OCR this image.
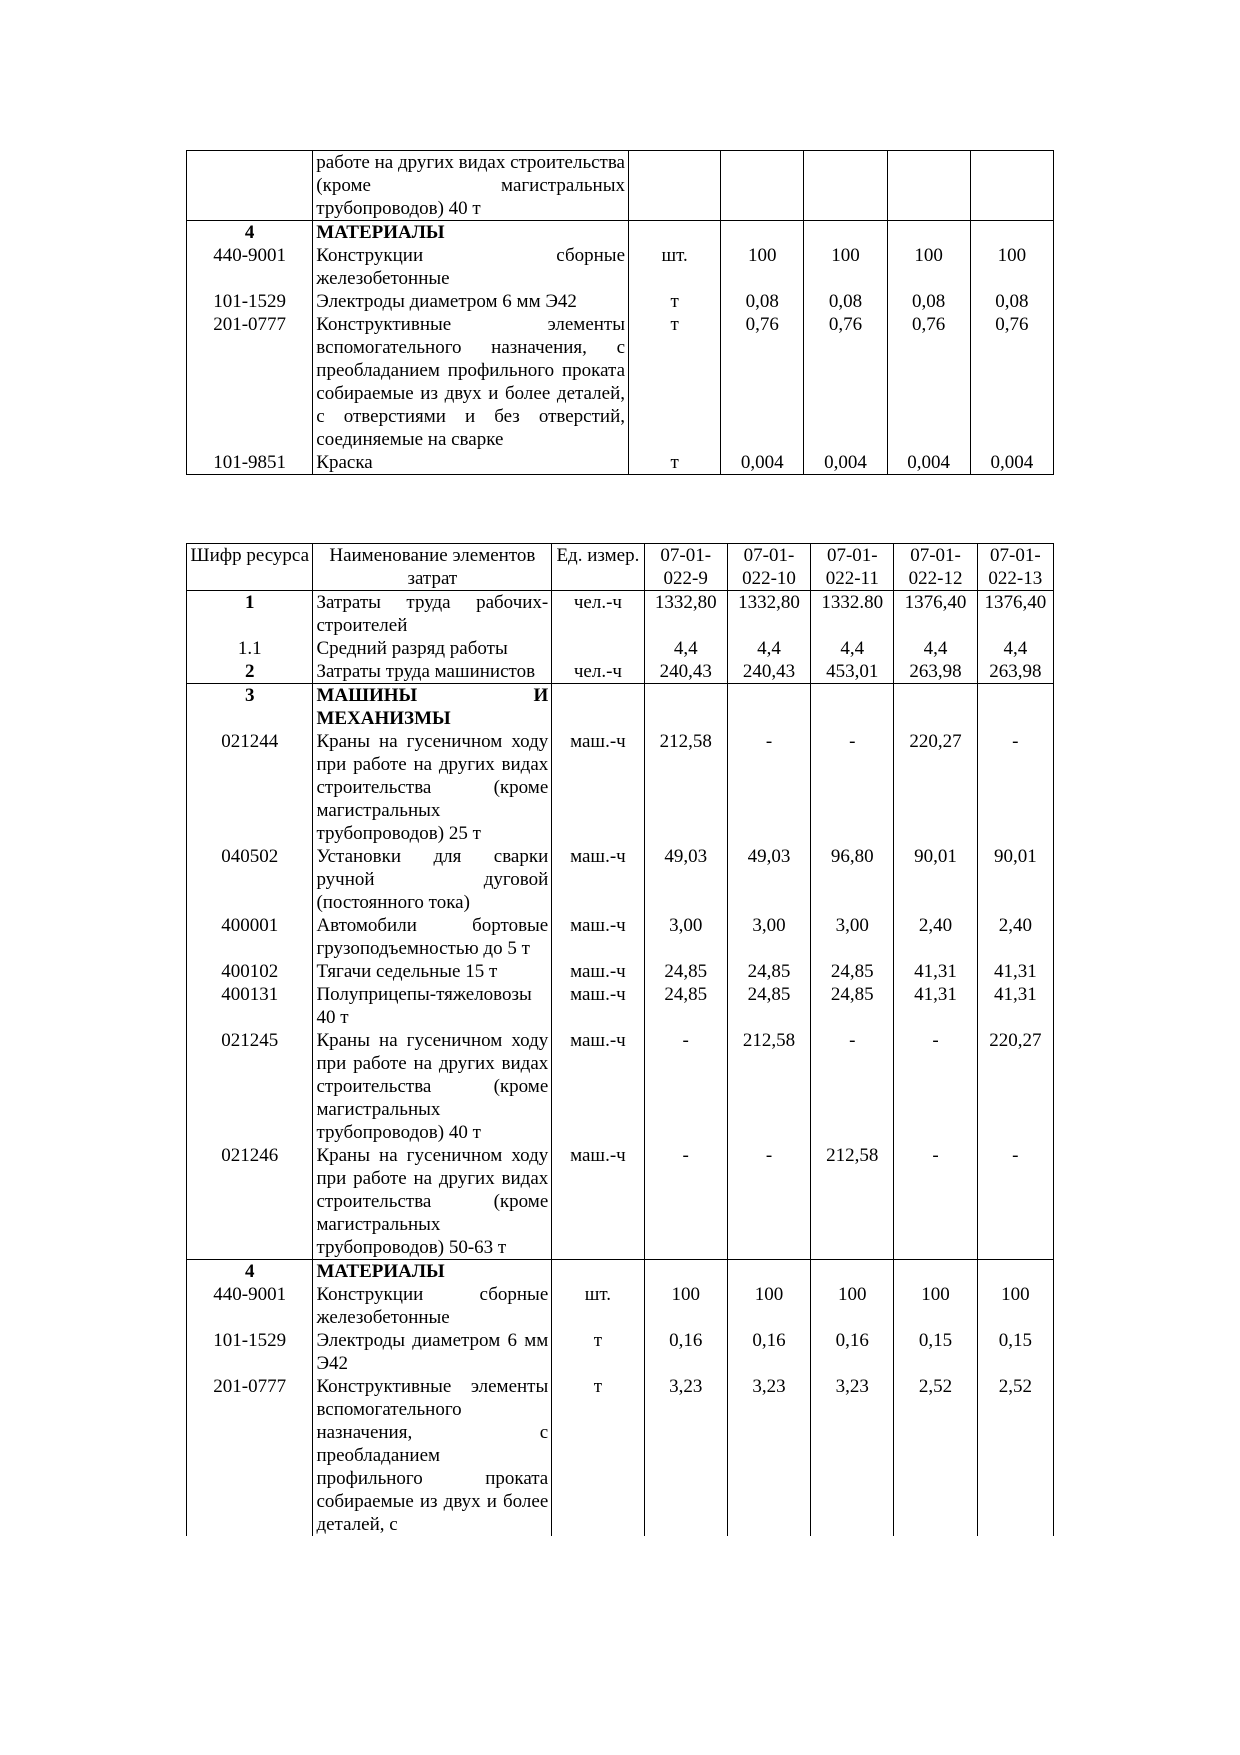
	работе на других видах строительства (кроме магистральных трубопроводов) 40 т					
4	МАТЕРИАЛЫ					
440-9001	Конструкции сборные железобетонные	шт.	100	100	100	100
101-1529	Электроды диаметром 6 мм Э42	т	0,08	0,08	0,08	0,08
201-0777	Конструктивные элементы вспомогательного назначения, с преобладанием профильного проката собираемые из двух и более деталей, с отверстиями и без отверстий, соединяемые на сварке	т	0,76	0,76	0,76	0,76
101-9851	Краска	т	0,004	0,004	0,004	0,004
Шифр ресурса	Наименование элементов затрат	Ед. измер.	07-01-022-9	07-01-022-10	07-01-022-11	07-01-022-12	07-01-022-13
1	Затраты труда рабочих-строителей	чел.-ч	1332,80	1332,80	1332.80	1376,40	1376,40
1.1	Средний разряд работы		4,4	4,4	4,4	4,4	4,4
2	Затраты труда машинистов	чел.-ч	240,43	240,43	453,01	263,98	263,98
3	МАШИНЫ И МЕХАНИЗМЫ						
021244	Краны на гусеничном ходу при работе на других видах строительства (кроме магистральных трубопроводов) 25 т	маш.-ч	212,58	-	-	220,27	-
040502	Установки для сварки ручной дуговой (постоянного тока)	маш.-ч	49,03	49,03	96,80	90,01	90,01
400001	Автомобили бортовые грузоподъемностью до 5 т	маш.-ч	3,00	3,00	3,00	2,40	2,40
400102	Тягачи седельные 15 т	маш.-ч	24,85	24,85	24,85	41,31	41,31
400131	Полуприцепы-тяжеловозы 40 т	маш.-ч	24,85	24,85	24,85	41,31	41,31
021245	Краны на гусеничном ходу при работе на других видах строительства (кроме магистральных трубопроводов) 40 т	маш.-ч	-	212,58	-	-	220,27
021246	Краны на гусеничном ходу при работе на других видах строительства (кроме магистральных трубопроводов) 50-63 т	маш.-ч	-	-	212,58	-	-
4	МАТЕРИАЛЫ						
440-9001	Конструкции сборные железобетонные	шт.	100	100	100	100	100
101-1529	Электроды диаметром 6 мм Э42	т	0,16	0,16	0,16	0,15	0,15
201-0777	Конструктивные элементы вспомогательного назначения, с преобладанием профильного проката собираемые из двух и более деталей, с	т	3,23	3,23	3,23	2,52	2,52
